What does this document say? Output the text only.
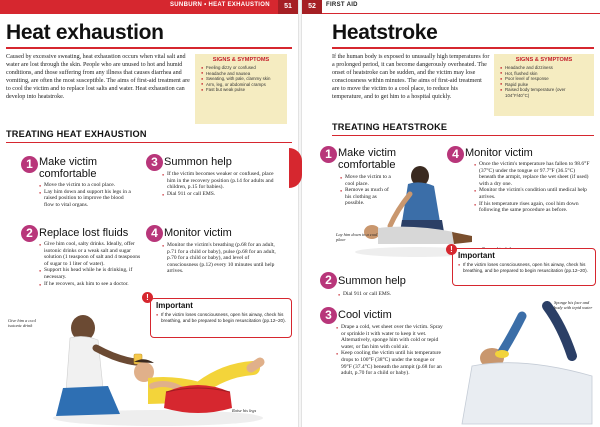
SUNBURN • HEAT EXHAUSTION	51
Heat exhaustion
Caused by excessive sweating, heat exhaustion occurs when vital salt and water are lost through the skin. People who are unused to hot and humid conditions, and those suffering from any illness that causes diarrhea and vomiting, are often the most susceptible. The aims of first-aid treatment are to cool the victim and to replace lost salts and water. Heat exhaustion can develop into heatstroke.
SIGNS & SYMPTOMS
● Feeling dizzy or confused
● Headache and nausea
● Sweating, with pale, clammy skin
● Arm, leg, or abdominal cramps
● Fast but weak pulse
TREATING HEAT EXHAUSTION
1 Make victim comfortable
● Move the victim to a cool place.
● Lay him down and support his legs in a raised position to improve the blood flow to vital organs.
2 Replace lost fluids
● Give him cool, salty drinks. Ideally, offer isotonic drinks or a weak salt and sugar solution (1 teaspoon of salt and 4 teaspoons of sugar to 1 liter of water).
● Support his head while he is drinking, if necessary.
● If he recovers, ask him to see a doctor.
3 Summon help
● If the victim becomes weaker or confused, place him in the recovery position (p.14 for adults and children, p.15 for babies).
● Dial 911 or call EMS.
4 Monitor victim
● Monitor the victim's breathing (p.68 for an adult, p.71 for a child or baby), pulse (p.68 for an adult, p.70 for a child or baby), and level of consciousness (p.12) every 10 minutes until help arrives.
Important
● If the victim loses consciousness, open his airway, check his breathing, and be prepared to begin resuscitation (pp.12–20).
!
Give him a cool isotonic drink
Raise his legs
52	FIRST AID
Heatstroke
If the human body is exposed to unusually high temperatures for a prolonged period, it can become dangerously overheated. The onset of heatstroke can be sudden, and the victim may lose consciousness within minutes. The aims of first-aid treatment are to move the victim to a cool place, to reduce his temperature, and to get him to a hospital quickly.
SIGNS & SYMPTOMS
● Headache and dizziness
● Hot, flushed skin
● Poor level of response
● Rapid pulse
● Raised body temperature (over 104°F/40°C)
TREATING HEATSTROKE
1 Make victim comfortable
● Move the victim to a cool place.
● Remove as much of his clothing as possible.
Lay him down in a cool place
4 Monitor victim
● Once the victim's temperature has fallen to 98.6°F (37°C) under the tongue or 97.7°F (36.5°C) beneath the armpit, replace the wet sheet (if used) with a dry one.
● Monitor the victim's condition until medical help arrives.
● If his temperature rises again, cool him down following the same procedure as before.
2 Summon help
● Dial 911 or call EMS.
3 Cool victim
● Drape a cold, wet sheet over the victim. Spray or sprinkle it with water to keep it wet. Alternatively, sponge him with cold or tepid water, or fan him with cold air.
● Keep cooling the victim until his temperature drops to 100°F (38°C) under the tongue or 99°F (37.4°C) beneath the armpit (p.68 for an adult, p.70 for a child or baby).
Important
● If the victim loses consciousness, open his airway, check his breathing, and be prepared to begin resuscitation (pp.12–20).
!
Sponge his face and body with tepid water
